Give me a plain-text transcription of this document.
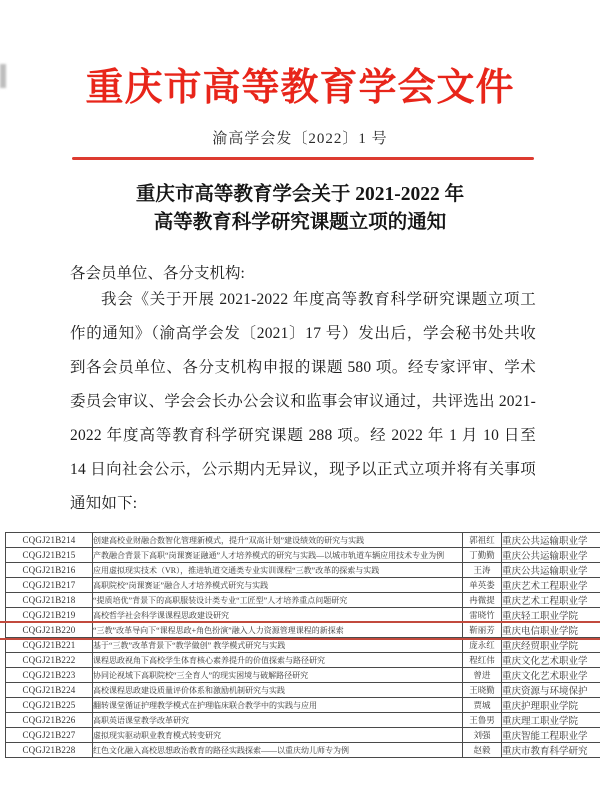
重庆市高等教育学会文件
渝高学会发〔2022〕1 号
重庆市高等教育学会关于 2021-2022 年
高等教育科学研究课题立项的通知
各会员单位、各分支机构:
我会《关于开展 2021-2022 年度高等教育科学研究课题立项工作的通知》（渝高学会发〔2021〕17 号）发出后，学会秘书处共收到各会员单位、各分支机构申报的课题 580 项。经专家评审、学术委员会审议、学会会长办公会议和监事会审议通过，共评选出 2021-2022 年度高等教育科学研究课题 288 项。经 2022 年 1 月 10 日至 14 日向社会公示，公示期内无异议，现予以正式立项并将有关事项通知如下:
CQGJ21B214	创建高校业财融合数智化管理新模式，提升“双高计划”建设绩效的研究与实践	郭祖红	重庆公共运输职业学
CQGJ21B215	产教融合背景下高职“岗课赛证融通”人才培养模式的研究与实践—以城市轨道车辆应用技术专业为例	丁勤勤	重庆公共运输职业学
CQGJ21B216	应用虚拟现实技术（VR），推进轨道交通类专业实训课程“三教”改革的探索与实践	王涛	重庆公共运输职业学
CQGJ21B217	高职院校“岗课赛证”融合人才培养模式研究与实践	单英娄	重庆艺术工程职业学
CQGJ21B218	“提质培优”背景下的高职服装设计类专业“工匠型”人才培养重点问题研究	冉微提	重庆艺术工程职业学
CQGJ21B219	高校哲学社会科学课课程思政建设研究	雷晓竹	重庆轻工职业学院
CQGJ21B220	“三教”改革导向下“课程思政+角色扮演”融入人力资源管理课程的新探索	靳丽芳	重庆电信职业学院
CQGJ21B221	基于“三教”改革背景下“教学做创” 教学模式研究与实践	庞永红	重庆经贸职业学院
CQGJ21B222	课程思政视角下高校学生体育核心素养提升的价值探索与路径研究	程红伟	重庆文化艺术职业学
CQGJ21B223	协同论视域下高职院校“三全育人”的现实困境与破解路径研究	曾进	重庆文化艺术职业学
CQGJ21B224	高校课程思政建设质量评价体系和激励机制研究与实践	王晓勤	重庆资源与环境保护
CQGJ21B225	翻转课堂循证护理教学模式在护理临床联合教学中的实践与应用	贾城	重庆护理职业学院
CQGJ21B226	高职英语课堂教学改革研究	王鲁男	重庆理工职业学院
CQGJ21B227	虚拟现实驱动职业教育模式转变研究	刘强	重庆智能工程职业学
CQGJ21B228	红色文化融入高校思想政治教育的路径实践探索——以重庆幼儿师专为例	赵毅	重庆市教育科学研究
